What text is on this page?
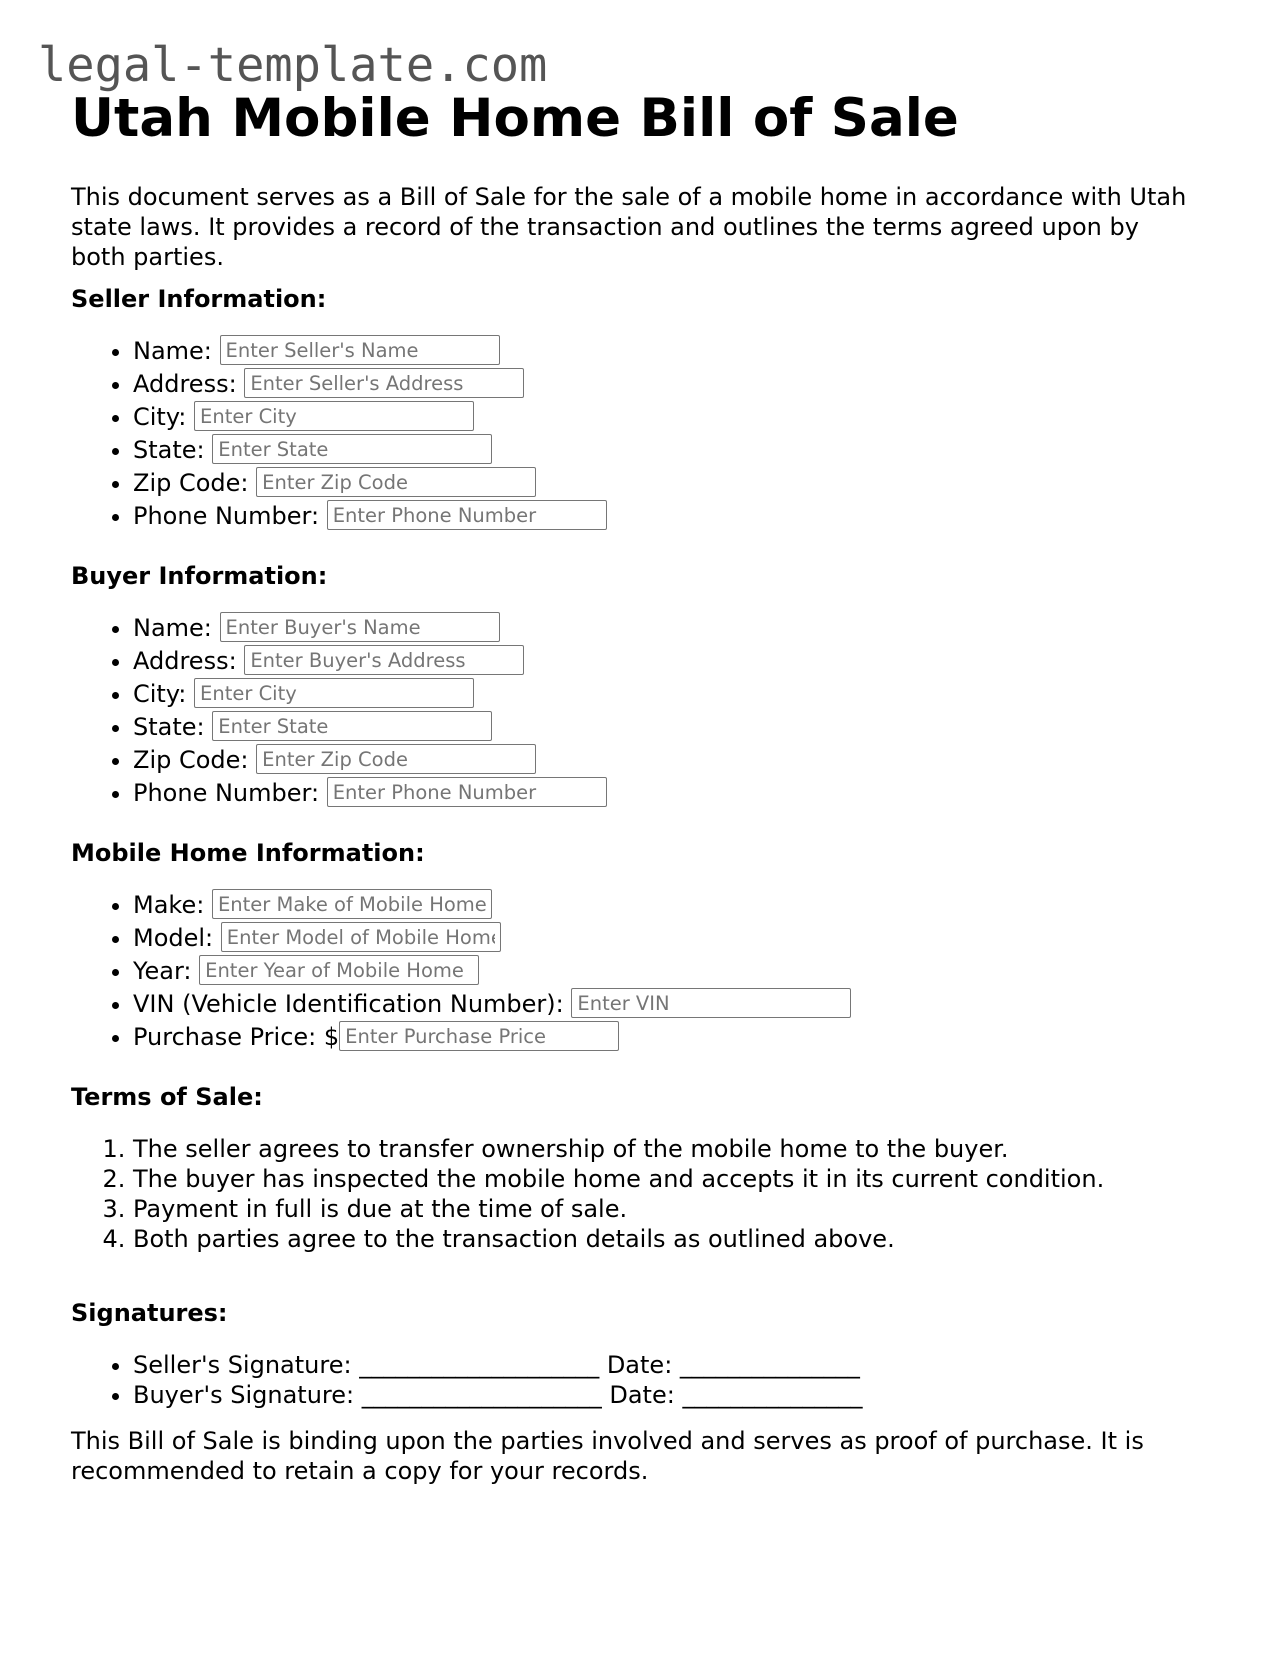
legal-template.com
Utah Mobile Home Bill of Sale

This document serves as a Bill of Sale for the sale of a mobile home in accordance with Utah state laws. It provides a record of the transaction and outlines the terms agreed upon by both parties.

Seller Information:
• Name: Enter Seller's Name
• Address: Enter Seller's Address
• City: Enter City
• State: Enter State
• Zip Code: Enter Zip Code
• Phone Number: Enter Phone Number
Buyer Information:
• Name: Enter Buyer's Name
• Address: Enter Buyer's Address
• City: Enter City
• State: Enter State
• Zip Code: Enter Zip Code
• Phone Number: Enter Phone Number
Mobile Home Information:
• Make: Enter Make of Mobile Home
• Model: Enter Model of Mobile Home
• Year: Enter Year of Mobile Home
• VIN (Vehicle Identification Number): Enter VIN
• Purchase Price: $Enter Purchase Price
Terms of Sale:
1. The seller agrees to transfer ownership of the mobile home to the buyer.
2. The buyer has inspected the mobile home and accepts it in its current condition.
3. Payment in full is due at the time of sale.
4. Both parties agree to the transaction details as outlined above.
Signatures:
• Seller's Signature: ____________________ Date: _______________
• Buyer's Signature: ____________________ Date: _______________

This Bill of Sale is binding upon the parties involved and serves as proof of purchase. It is recommended to retain a copy for your records.
